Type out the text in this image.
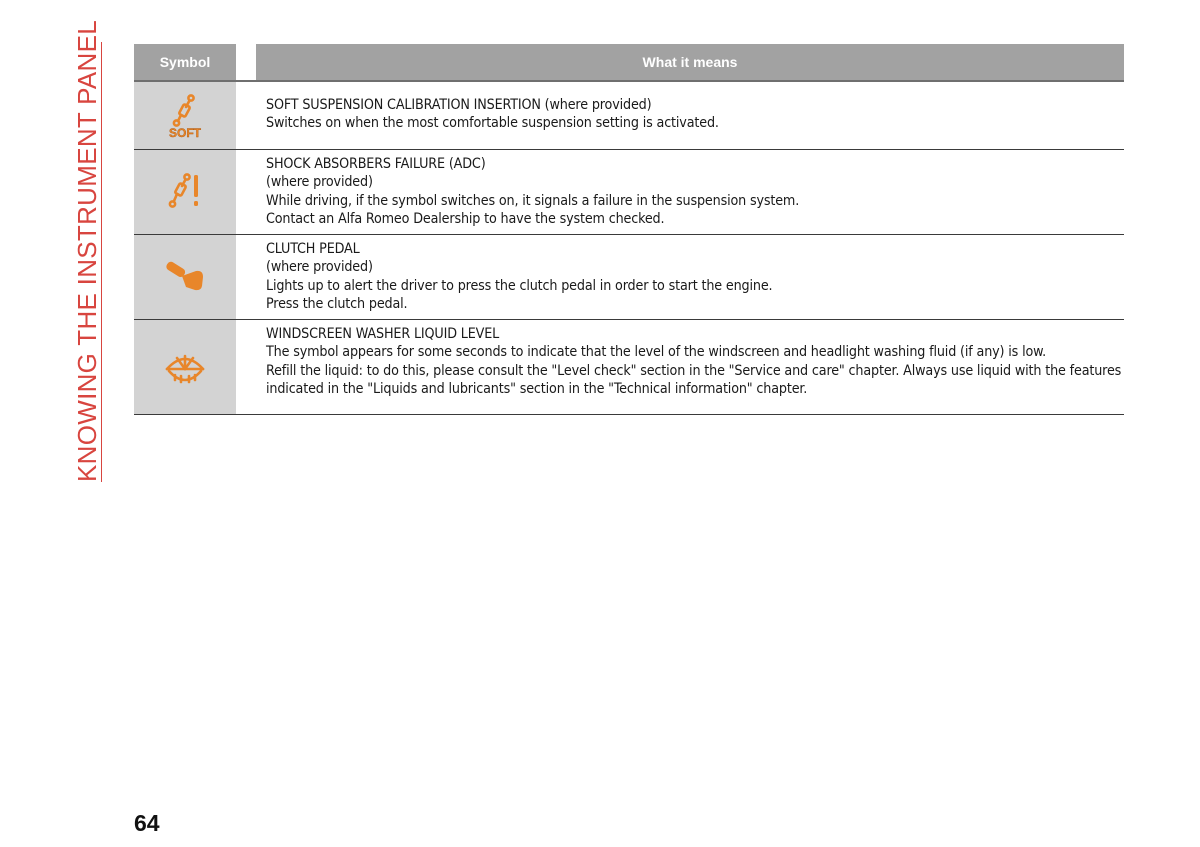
KNOWING THE INSTRUMENT PANEL	Symbol	What it means
SOFT
SOFT SUSPENSION CALIBRATION INSERTION (where provided)
Switches on when the most comfortable suspension setting is activated.
SHOCK ABSORBERS FAILURE (ADC)
(where provided)
While driving, if the symbol switches on, it signals a failure in the suspension system.
Contact an Alfa Romeo Dealership to have the system checked.
CLUTCH PEDAL
(where provided)
Lights up to alert the driver to press the clutch pedal in order to start the engine.
Press the clutch pedal.
WINDSCREEN WASHER LIQUID LEVEL
The symbol appears for some seconds to indicate that the level of the windscreen and headlight washing fluid (if any) is low.
Refill the liquid: to do this, please consult the "Level check" section in the "Service and care" chapter. Always use liquid with the features indicated in the "Liquids and lubricants" section in the "Technical information" chapter.
64
